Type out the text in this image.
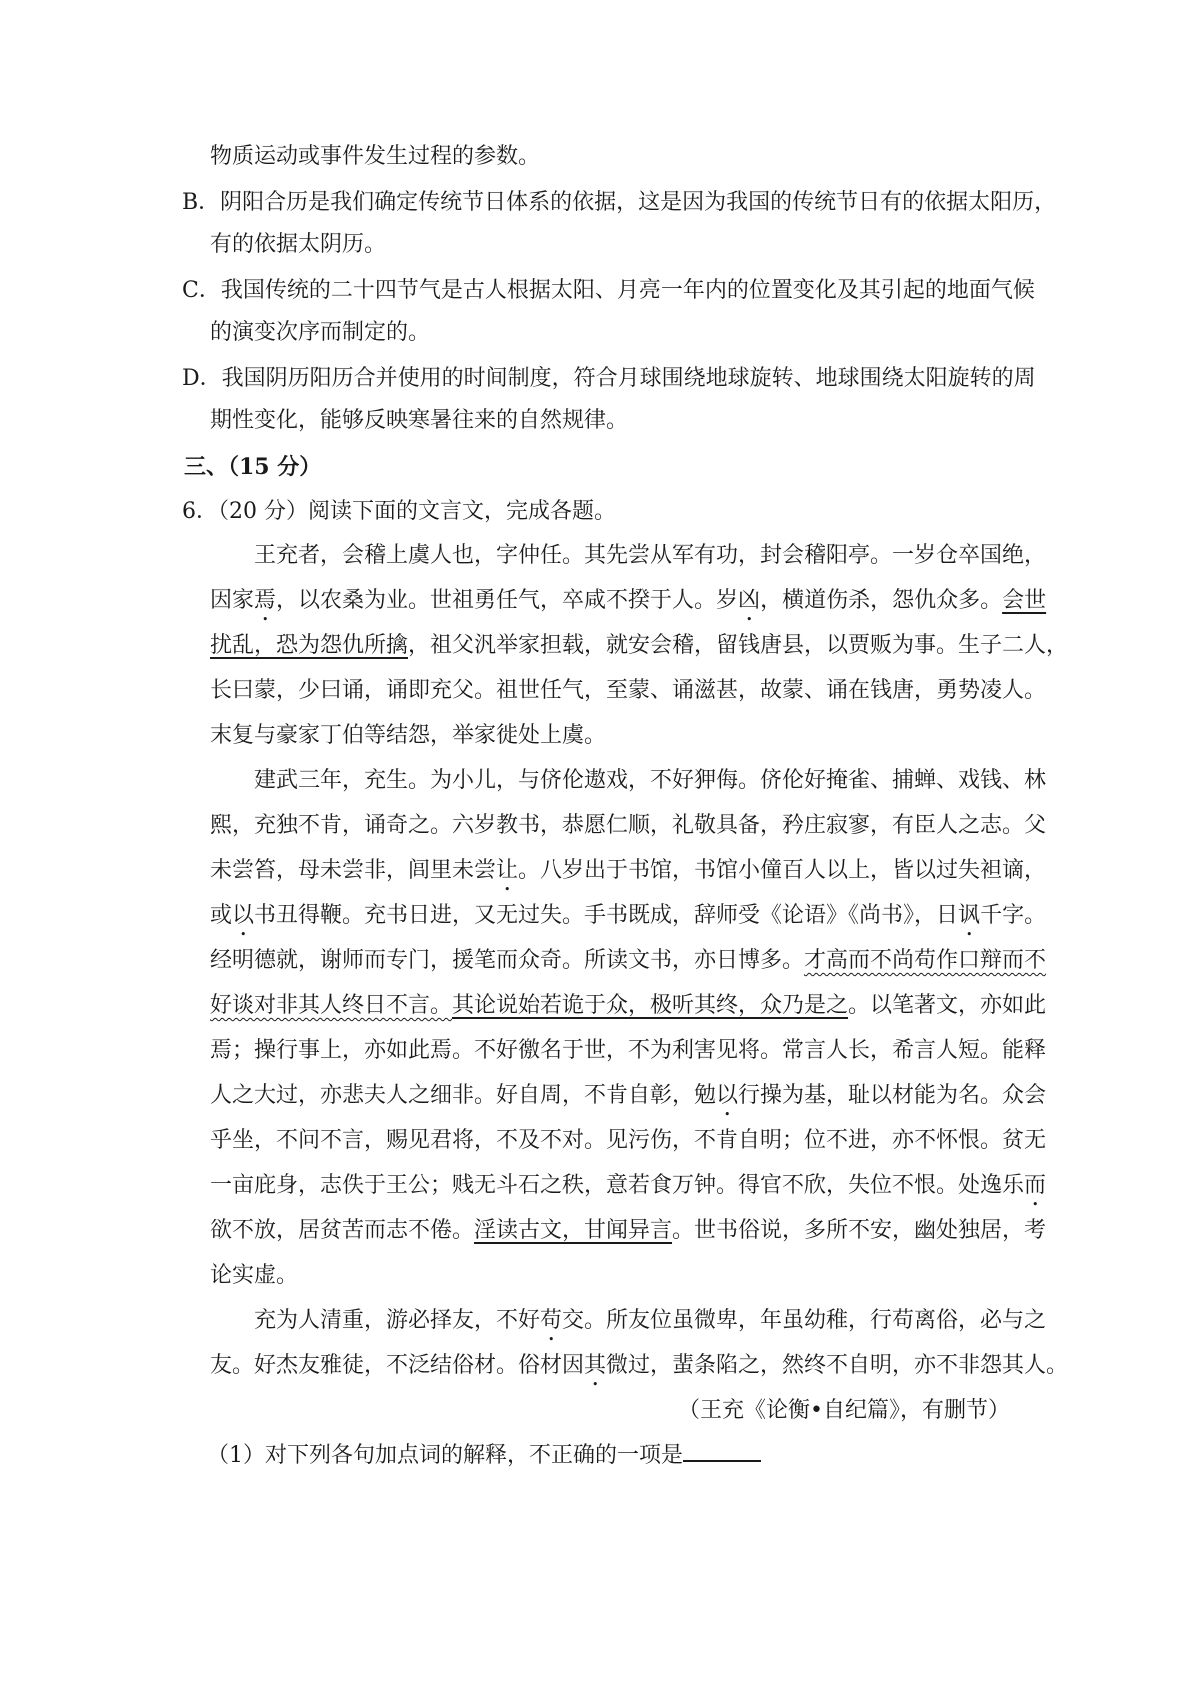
物质运动或事件发生过程的参数。

B．阴阳合历是我们确定传统节日体系的依据，这是因为我国的传统节日有的依据太阳历，

有的依据太阴历。

C．我国传统的二十四节气是古人根据太阳、月亮一年内的位置变化及其引起的地面气候

的演变次序而制定的。

D．我国阴历阳历合并使用的时间制度，符合月球围绕地球旋转、地球围绕太阳旋转的周

期性变化，能够反映寒暑往来的自然规律。

三、（15 分）

6．（20 分）阅读下面的文言文，完成各题。

王充者，会稽上虞人也，字仲任。其先尝从军有功，封会稽阳亭。一岁仓卒国绝，

因家焉，以农桑为业。世祖勇任气，卒咸不揆于人。岁凶，横道伤杀，怨仇众多。会世

扰乱，恐为怨仇所擒，祖父汎举家担载，就安会稽，留钱唐县，以贾贩为事。生子二人，

长曰蒙，少曰诵，诵即充父。祖世任气，至蒙、诵滋甚，故蒙、诵在钱唐，勇势凌人。

末复与豪家丁伯等结怨，举家徙处上虞。

建武三年，充生。为小儿，与侪伦遨戏，不好狎侮。侪伦好掩雀、捕蝉、戏钱、林

熙，充独不肯，诵奇之。六岁教书，恭愿仁顺，礼敬具备，矜庄寂寥，有臣人之志。父

未尝笞，母未尝非，闾里未尝让。八岁出于书馆，书馆小僮百人以上，皆以过失袒谪，

或以书丑得鞭。充书日进，又无过失。手书既成，辞师受《论语》《尚书》，日讽千字。

经明德就，谢师而专门，援笔而众奇。所读文书，亦日博多。才高而不尚苟作口辩而不

好谈对非其人终日不言。其论说始若诡于众，极听其终，众乃是之。以笔著文，亦如此

焉；操行事上，亦如此焉。不好徼名于世，不为利害见将。常言人长，希言人短。能释

人之大过，亦悲夫人之细非。好自周，不肯自彰，勉以行操为基，耻以材能为名。众会

乎坐，不问不言，赐见君将，不及不对。见污伤，不肯自明；位不进，亦不怀恨。贫无

一亩庇身，志佚于王公；贱无斗石之秩，意若食万钟。得官不欣，失位不恨。处逸乐而

欲不放，居贫苦而志不倦。淫读古文，甘闻异言。世书俗说，多所不安，幽处独居，考

论实虚。

充为人清重，游必择友，不好苟交。所友位虽微卑，年虽幼稚，行苟离俗，必与之

友。好杰友雅徒，不泛结俗材。俗材因其微过，蜚条陷之，然终不自明，亦不非怨其人。

（王充《论衡•自纪篇》，有删节）

（1）对下列各句加点词的解释，不正确的一项是
